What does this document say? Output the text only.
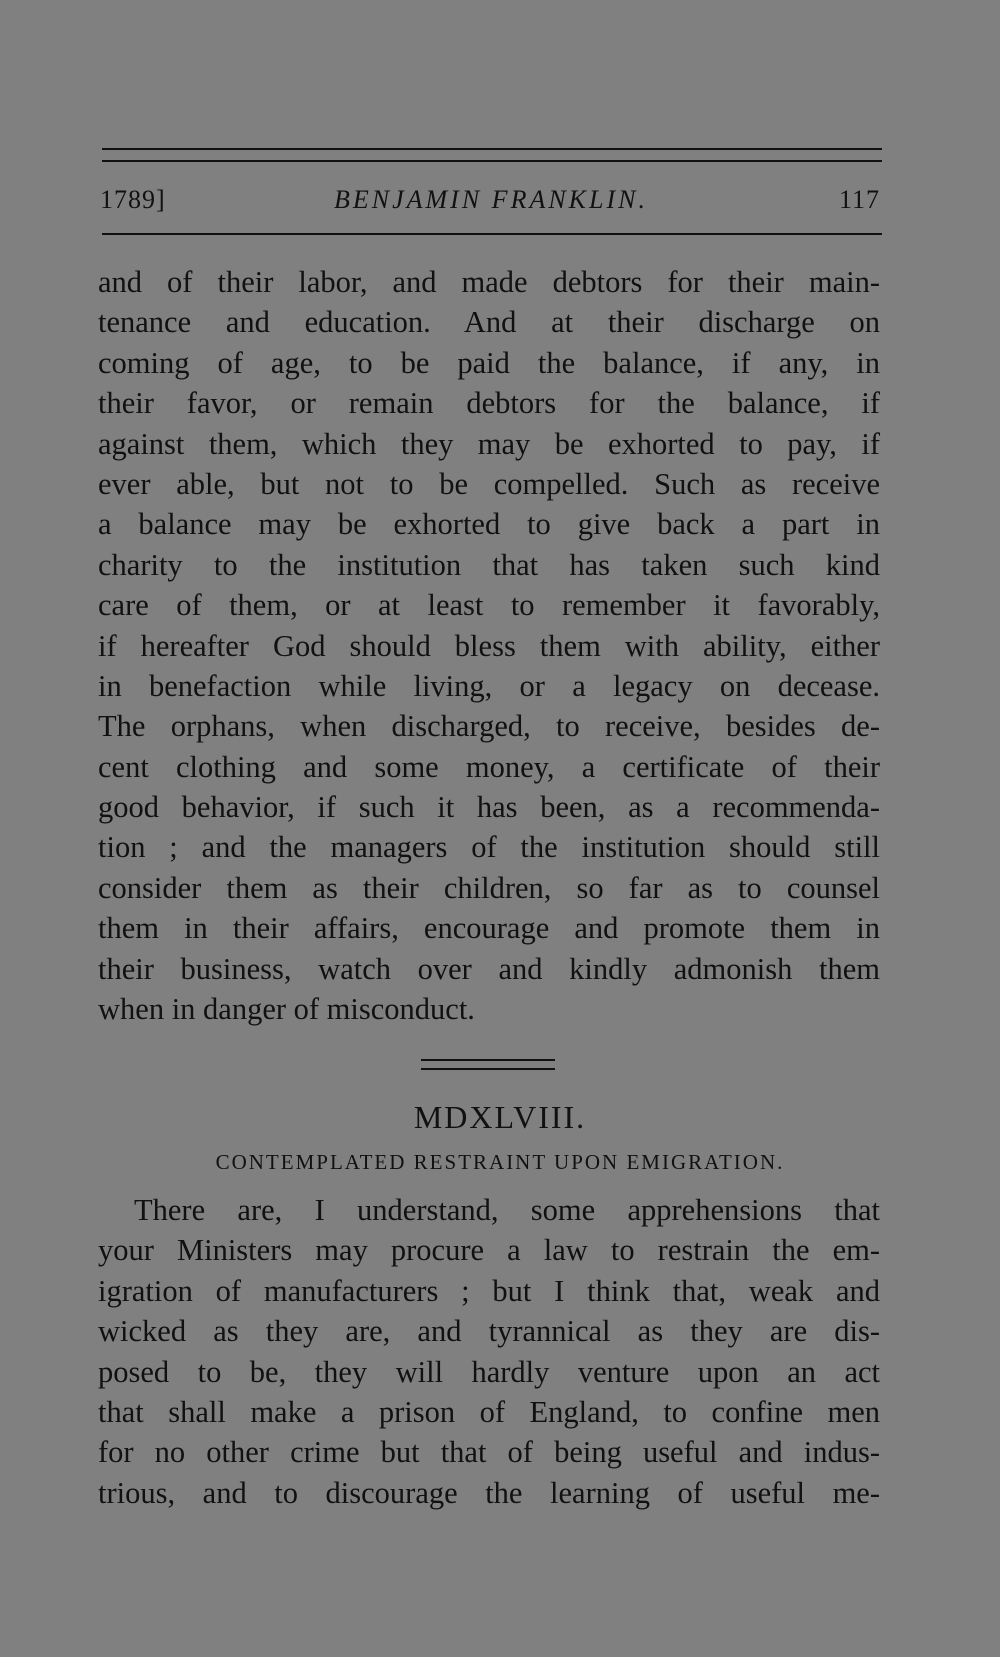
1789]	BENJAMIN FRANKLIN.	117
and of their labor, and made debtors for their main-
tenance and education. And at their discharge on
coming of age, to be paid the balance, if any, in
their favor, or remain debtors for the balance, if
against them, which they may be exhorted to pay, if
ever able, but not to be compelled. Such as receive
a balance may be exhorted to give back a part in
charity to the institution that has taken such kind
care of them, or at least to remember it favorably,
if hereafter God should bless them with ability, either
in benefaction while living, or a legacy on decease.
The orphans, when discharged, to receive, besides de-
cent clothing and some money, a certificate of their
good behavior, if such it has been, as a recommenda-
tion ; and the managers of the institution should still
consider them as their children, so far as to counsel
them in their affairs, encourage and promote them in
their business, watch over and kindly admonish them
when in danger of misconduct.
MDXLVIII.
CONTEMPLATED RESTRAINT UPON EMIGRATION.
There are, I understand, some apprehensions that
your Ministers may procure a law to restrain the em-
igration of manufacturers ; but I think that, weak and
wicked as they are, and tyrannical as they are dis-
posed to be, they will hardly venture upon an act
that shall make a prison of England, to confine men
for no other crime but that of being useful and indus-
trious, and to discourage the learning of useful me-
